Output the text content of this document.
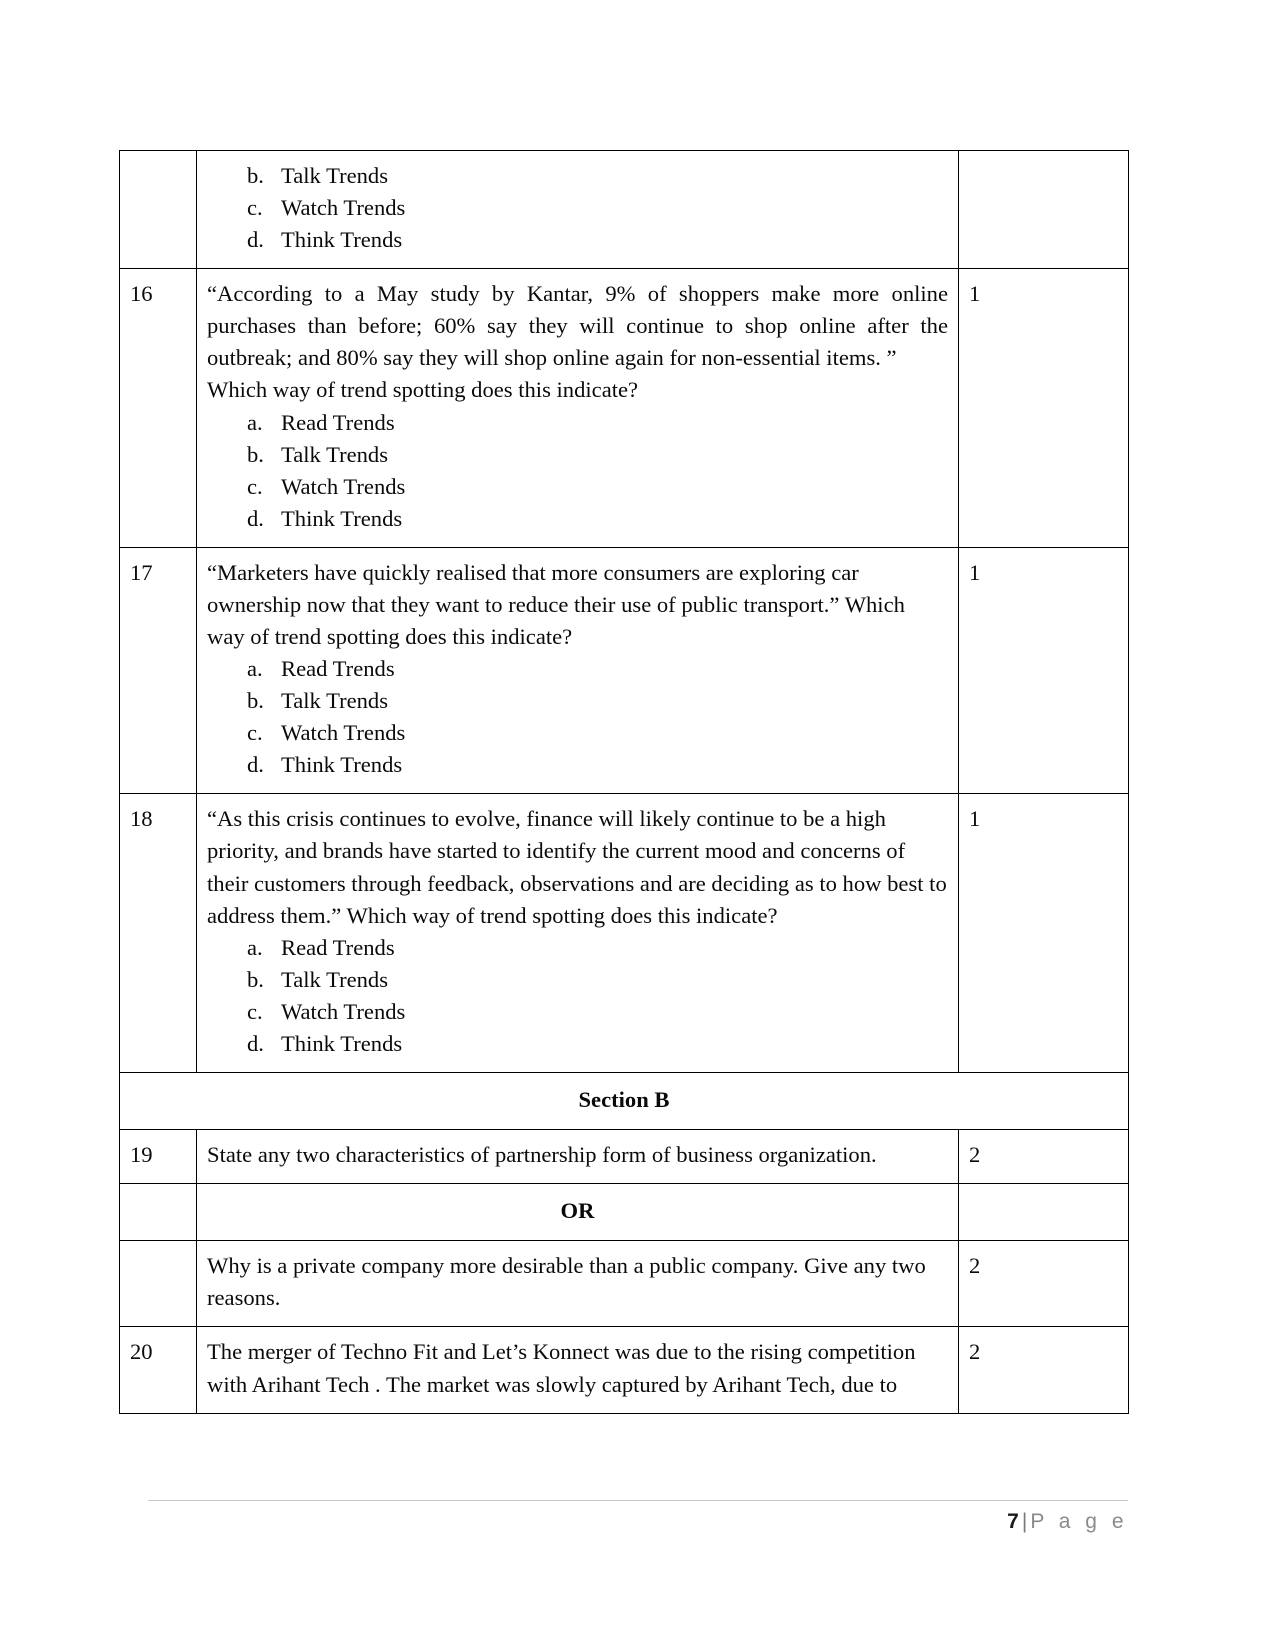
b. Talk Trends
c. Watch Trends
d. Think Trends

16	“According to a May study by Kantar, 9% of shoppers make more online purchases than before; 60% say they will continue to shop online after the outbreak; and 80% say they will shop online again for non-essential items. ”

Which way of trend spotting does this indicate?

a. Read Trends
b. Talk Trends
c. Watch Trends
d. Think Trends
	1
17	“Marketers have quickly realised that more consumers are exploring car ownership now that they want to reduce their use of public transport.” Which way of trend spotting does this indicate?

a. Read Trends
b. Talk Trends
c. Watch Trends
d. Think Trends
	1
18	“As this crisis continues to evolve, finance will likely continue to be a high priority, and brands have started to identify the current mood and concerns of their customers through feedback, observations and are deciding as to how best to address them.” Which way of trend spotting does this indicate?

a. Read Trends
b. Talk Trends
c. Watch Trends
d. Think Trends
	1
Section B		
19	State any two characteristics of partnership form of business organization.	2
	OR	

	Why is a private company more desirable than a public company. Give any two reasons.	2
20	The merger of Techno Fit and Let’s Konnect was due to the rising competition with Arihant Tech . The market was slowly captured by Arihant Tech, due to	2
7 | P a g e
